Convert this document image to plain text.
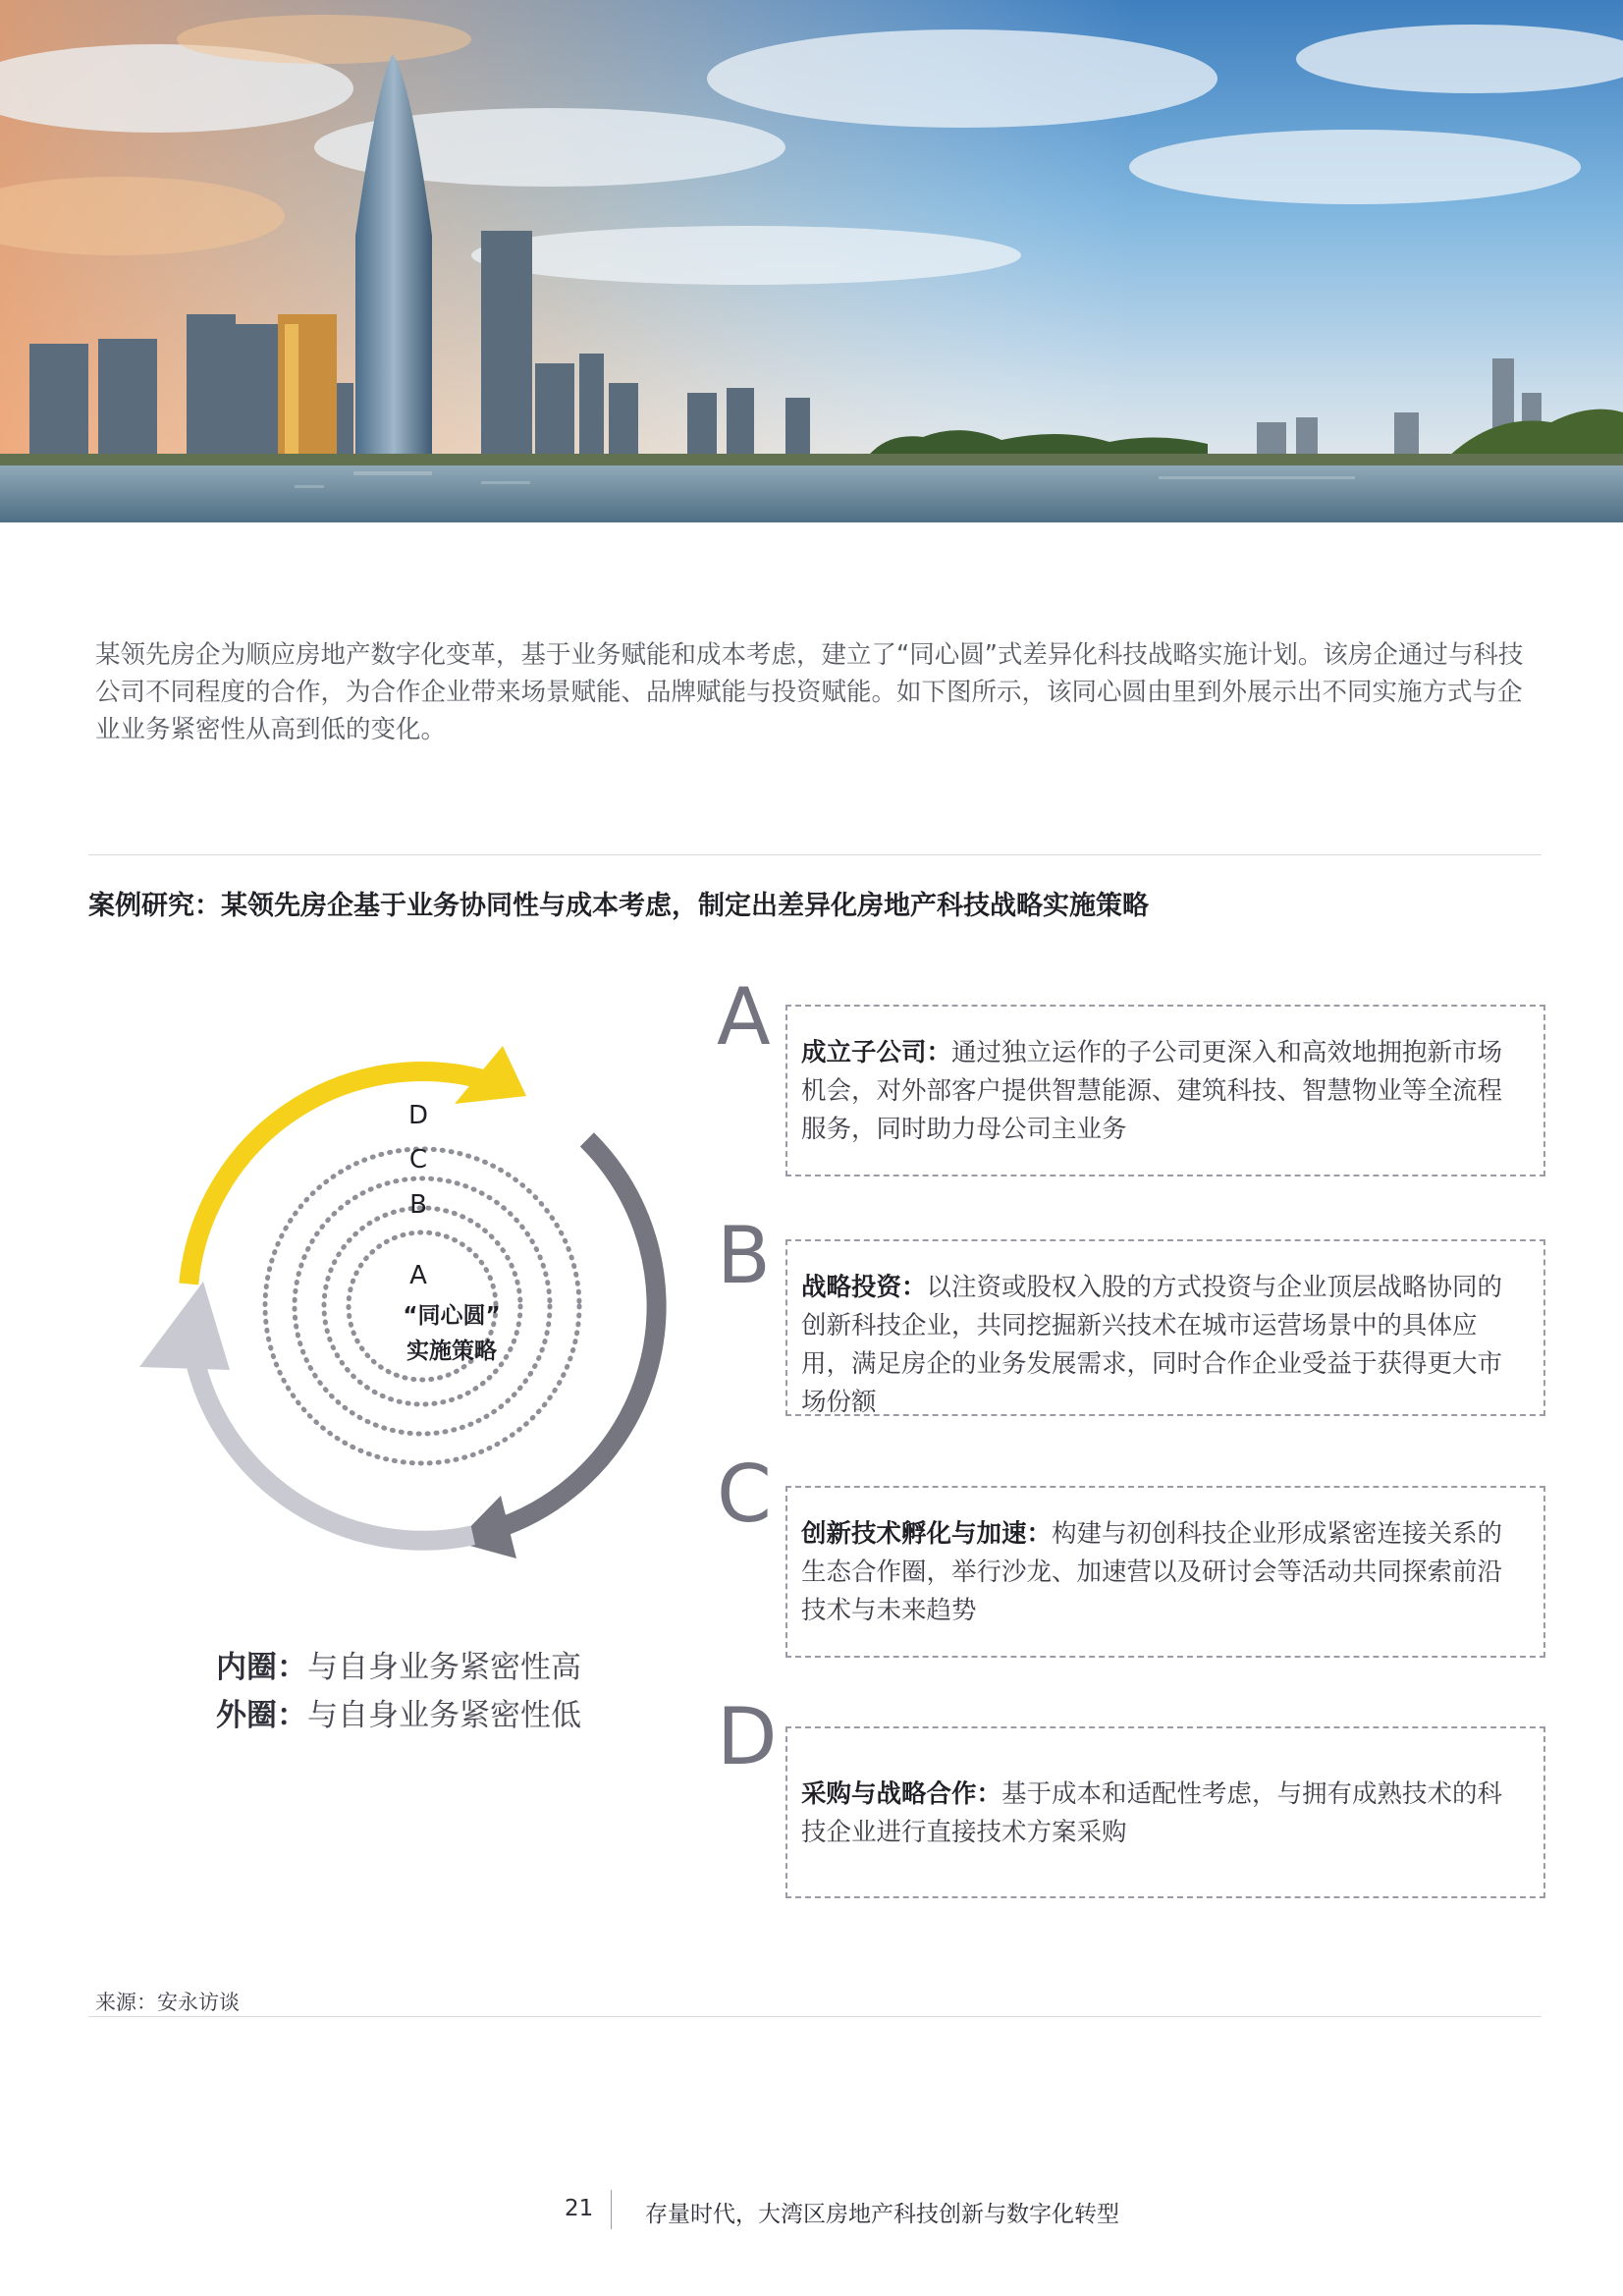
某领先房企为顺应房地产数字化变革，基于业务赋能和成本考虑，建立了“同心圆”式差异化科技战略实施计划。该房企通过与科技公司不同程度的合作，为合作企业带来场景赋能、品牌赋能与投资赋能。如下图所示，该同心圆由里到外展示出不同实施方式与企业业务紧密性从高到低的变化。

案例研究：某领先房企基于业务协同性与成本考虑，制定出差异化房地产科技战略实施策略
D
C
B
A
“同心圆”
实施策略
内圈：与自身业务紧密性高
外圈：与自身业务紧密性低
A	成立子公司：通过独立运作的子公司更深入和高效地拥抱新市场机会，对外部客户提供智慧能源、建筑科技、智慧物业等全流程服务，同时助力母公司主业务
B	战略投资：以注资或股权入股的方式投资与企业顶层战略协同的创新科技企业，共同挖掘新兴技术在城市运营场景中的具体应用，满足房企的业务发展需求，同时合作企业受益于获得更大市场份额
C	创新技术孵化与加速：构建与初创科技企业形成紧密连接关系的生态合作圈，举行沙龙、加速营以及研讨会等活动共同探索前沿技术与未来趋势
D
采购与战略合作：基于成本和适配性考虑，与拥有成熟技术的科技企业进行直接技术方案采购
来源：安永访谈
21 存量时代，大湾区房地产科技创新与数字化转型
